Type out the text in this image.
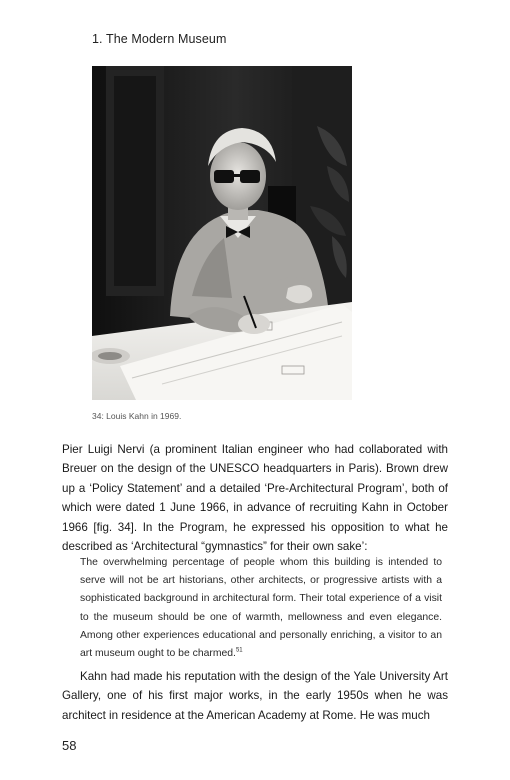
1. The Modern Museum
34: Louis Kahn in 1969.

Pier Luigi Nervi (a prominent Italian engineer who had collaborated with Breuer on the design of the UNESCO headquarters in Paris). Brown drew up a ‘Policy Statement’ and a detailed ‘Pre-Architectural Program’, both of which were dated 1 June 1966, in advance of recruiting Kahn in October 1966 [fig. 34]. In the Program, he expressed his opposition to what he described as ‘Architectural “gymnastics” for their own sake’:

The overwhelming percentage of people whom this building is intended to serve will not be art historians, other architects, or progressive artists with a sophisticated background in architectural form. Their total experience of a visit to the museum should be one of warmth, mellowness and even elegance. Among other experiences educational and personally enriching, a visitor to an art museum ought to be charmed.$^{51}$

Kahn had made his reputation with the design of the Yale University Art Gallery, one of his first major works, in the early 1950s when he was architect in residence at the American Academy at Rome. He was much

58
